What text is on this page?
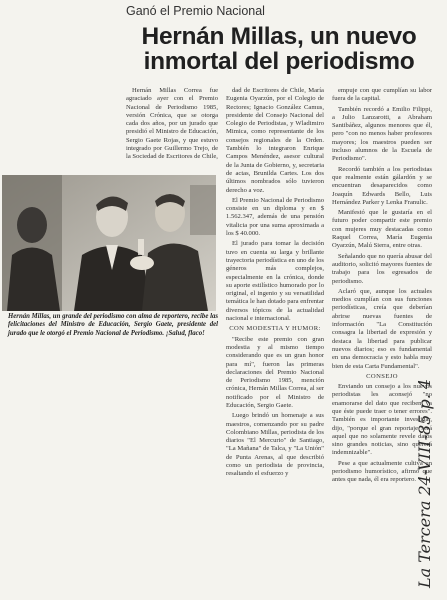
Ganó el Premio Nacional
Hernán Millas, un nuevo inmortal del periodismo

Hernán Millas Correa fue agraciado ayer con el Premio Nacional de Periodismo 1985, versión Crónica, que se otorga cada dos años, por un jurado que presidió el Ministro de Educación, Sergio Gaete Rojas, y que estuvo integrado por Guillermo Trejo, de la Sociedad de Escritores de Chile,

dad de Escritores de Chile, María Eugenia Oyarzún, por el Colegio de Rectores; Ignacio González Camus, presidente del Consejo Nacional del Colegio de Periodistas, y Wladimiro Mimica, como representante de los consejos regionales de la Orden. También lo integraron Enrique Campos Menéndez, asesor cultural de la Junta de Gobierno, y, secretaria de actas, Brunilda Cartes. Los dos últimos nombrados sólo tuvieron derecho a voz.

El Premio Nacional de Periodismo consiste en un diploma y en $ 1.562.347, además de una pensión vitalicia por una suma aproximada a los $ 40.000.

El jurado para tomar la decisión tuvo en cuenta su larga y brillante trayectoria periodística en uno de los géneros más complejos, especialmente en la crónica, donde su aporte estilístico humorado por lo original, el ingenio y su versatilidad temática le han dotado para enfrentar diversos tópicos de la actualidad nacional e internacional.

CON MODESTIA Y HUMOR:

"Recibe este premio con gran modestia y al mismo tiempo considerando que es un gran honor para mí", fueron las primeras declaraciones del Premio Nacional de Periodismo 1985, mención crónica, Hernán Millas Correa, al ser notificado por el Ministro de Educación, Sergio Gaete.

Luego brindó un homenaje a sus maestros, comenzando por su padre Colombiano Millas, periodista de los diarios "El Mercurio" de Santiago, "La Mañana" de Talca, y "La Unión" de Punta Arenas, al que describió como un periodista de provincia, resaltando el esfuerzo y

empuje con que cumplían su labor fuera de la capital.

También recordó a Emilio Filippi, a Julio Lanzarotti, a Abraham Santibáñez, algunos menores que él, pero "con no menos haber profesores mayores; los maestros pueden ser incluso alumnos de la Escuela de Periodismo".

Recordó también a los periodistas que realmente están gálardón y se encuentran desaparecidos como Joaquín Edwards Bello, Luis Hernández Parker y Lenka Franulic.

Manifestó que le gustaría en el futuro poder compartir este premio con mujeres muy destacadas como Raquel Correa, María Eugenia Oyarzún, Malú Sierra, entre otras.

Señalando que no quería abusar del auditorio, solicitó mayores fuentes de trabajo para los egresados de periodismo.

Aclaró que, aunque los actuales medios cumplían con sus funciones periodísticas, creía que deberían abrirse nuevas fuentes de información "La Constitución consagra la libertad de expresión y destaca la libertad para publicar nuevos diarios; eso es fundamental en una democracia y esto habla muy bien de esta Carta Fundamental".

CONSEJO

Enviando un consejo a los nuevos periodistas les aconsejó "no enamorarse del dato que reciben, ya que éste puede traer o tener errores". También es importante investigar, dijo, "porque el gran reportaje será aquel que no solamente revele datos sino grandes noticias, sino quererá indemnizable".

Pese a que actualmente cultiva un periodismo humorístico, afirmó que antes que nada, él era reportero.

Hernán Millas, un grande del periodismo con alma de reportero, recibe las felicitaciones del Ministro de Educación, Sergio Gaete, presidente del jurado que le otorgó el Premio Nacional de Periodismo. ¡Salud, flaco!
La Tercera 24-VIII-85 p. 4
